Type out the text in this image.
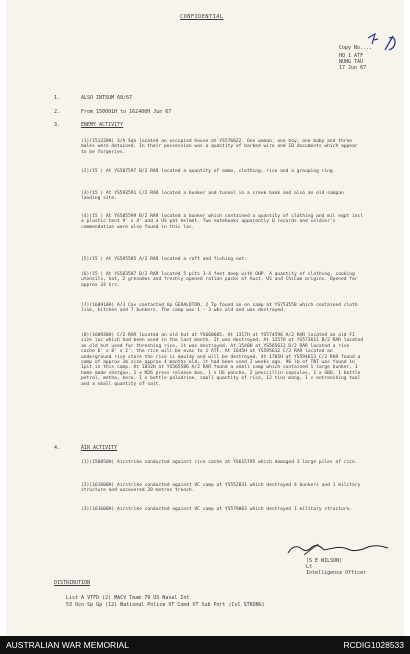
CONFIDENTIAL
Copy No....
HQ 1 ATF
NUNG TAU
17 Jun 67
1.	ALSO INTSUM 68/67
2.	From 150001H to 162400H Jun 67
3.	ENEMY ACTIVITY
(1)(151220H) 3/A Sqn located an occupied house at YS576622. One woman, one boy, one baby and three males were detained. In their possession was a quantity of barbed wire and ID documents which appear to be forgeries.
(2)(15 ) At YS587597 B/2 RAR located a quantity of ammo, clothing, rice and a grouping ring.
(3)(15 ) At YS593591 C/2 RAR located a bunker and tunnel in a creek bank and also an old sampan landing site.
(4)(15 ) At YS585599 B/2 RAR located a bunker which contained a quantity of clothing and mil eqpt incl a plastic tent 9' x 4' and a US pat helmet. Two notebooks apparently Q records and soldier's commendation were also found in this loc.
(5)(15 ) At YS595585 A/2 RAR located a raft and fishing net.
(6)(15 ) At YS583587 B/2 RAR located 5 pits 3-4 feet deep with OHP. A quantity of clothing, cooking utensils, hat, 2 grenades and freshly opened ration packs of Aust, US and ChiCom origins. Opened for approx 24 hrs.
(7)(160910H) A/3 Cav contacted Op GERALDTON, 2 Tp found an en camp at YS753558 which contained cloth line, kitchen and 7 bunkers. The camp was 1 - 3 wks old and was destroyed.
(8)(160930H) C/2 RAR located an old hut at YS660605. At 1317H at YS574596 A/2 RAR located an old FI size loc which had been used in the last month. It was destroyed. At 1257H at YS573611 B/2 RAR located an old hut used for threshing rice, it was destroyed. At 1540H at YS565612 D/2 RAR located a rice cache 6' x 8' x 2', the rice will be evac to 1 ATF. At 1645H at YS595612 C/2 RAR located an underground rice store the rice is mouldy and will be destroyed. At 1705H at YS594613 C/2 RAR found a camp of approx 2m size approx 4 months old, it had been used 2 weeks ago. 96 lb of TNT was found in 1pit in this camp. At 1832H at YS565586 A/2 RAR found a small camp which contained 1 large bunker, 1 home made shotgun, 1 x M26 press release box, 1 x US poncho, 2 penicillin capsules, 1 x GBU, 1 bottle petrol, metho, kero, 1 x bottle paludrine, small quantity of rice, 12 tins mang, 1 x entrenching tool and a small quantity of salt.
4.	AIR ACTIVITY
(1)(150850H) Airstrike conducted against rice cache at YS615795 which damaged 3 large piles of rice.
(2)(161600H) Airstrike conducted against VC camp at YS552831 which destroyed 4 bunkers and 1 military structure and uncovered 20 metres trench.
(3)(161600H) Airstrike conducted against VC camp at YS579803 which destroyed 1 military structure.
(S E WILSON)
Lt
Intelligence Officer
DISTRIBUTION
List A VTFD (2) MACV Team 79 US Naval Int
53 Ocn Sp Gp (12) National Police VT Comd VT Sub Port (Col STRONG)
AUSTRALIAN WAR MEMORIAL	RCDIG1028533
